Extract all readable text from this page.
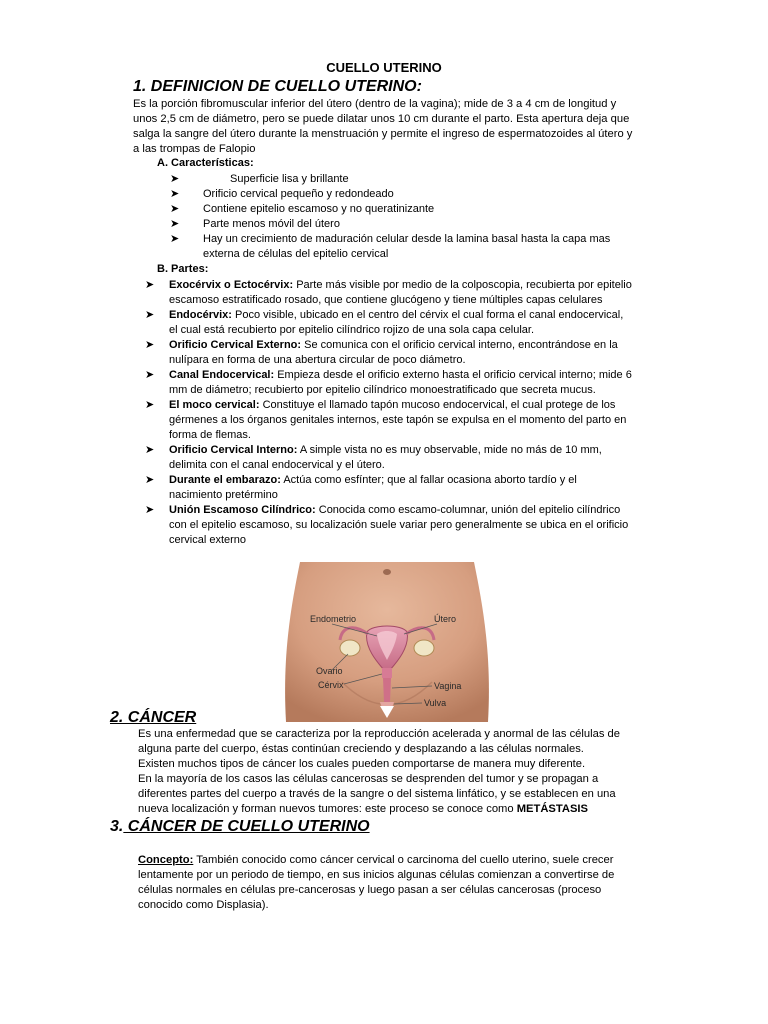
CUELLO UTERINO
1. DEFINICION DE CUELLO UTERINO:
Es la porción fibromuscular inferior del útero (dentro de la vagina); mide de 3 a 4 cm de longitud y
unos 2,5 cm de diámetro, pero se puede dilatar unos 10 cm durante el parto. Esta apertura deja que
salga la sangre del útero durante la menstruación y permite el ingreso de espermatozoides al útero y
a las trompas de Falopio
A. Características:
➤	Superficie lisa y brillante
➤ Orificio cervical pequeño y redondeado
➤ Contiene epitelio escamoso y no queratinizante
➤ Parte menos móvil del útero
➤ Hay un crecimiento de maduración celular desde la lamina basal hasta la capa mas
externa de células del epitelio cervical
B. Partes:
➤ Exocérvix o Ectocérvix: Parte más visible por medio de la colposcopia, recubierta por epitelio
escamoso estratificado rosado, que contiene glucógeno y tiene múltiples capas celulares
➤ Endocérvix: Poco visible, ubicado en el centro del cérvix el cual forma el canal endocervical,
el cual está recubierto por epitelio cilíndrico rojizo de una sola capa celular.
➤ Orificio Cervical Externo: Se comunica con el orificio cervical interno, encontrándose en la
nulípara en forma de una abertura circular de poco diámetro.
➤ Canal Endocervical: Empieza desde el orificio externo hasta el orificio cervical interno; mide 6
mm de diámetro; recubierto por epitelio cilíndrico monoestratificado que secreta mucus.
➤ El moco cervical: Constituye el llamado tapón mucoso endocervical, el cual protege de los
gérmenes a los órganos genitales internos, este tapón se expulsa en el momento del parto en
forma de flemas.
➤ Orificio Cervical Interno: A simple vista no es muy observable, mide no más de 10 mm,
delimita con el canal endocervical y el útero.
➤ Durante el embarazo: Actúa como esfínter; que al fallar ocasiona aborto tardío y el
nacimiento pretérmino
➤ Unión Escamoso Cilíndrico: Conocida como escamo-columnar, unión del epitelio cilíndrico
con el epitelio escamoso, su localización suele variar pero generalmente se ubica en el orificio
cervical externo
Endometrio	Útero
Ovario
Cérvix	Vagina
Vulva
2. CÁNCER
Es una enfermedad que se caracteriza por la reproducción acelerada y anormal de las células de
alguna parte del cuerpo, éstas continúan creciendo y desplazando a las células normales.
Existen muchos tipos de cáncer los cuales pueden comportarse de manera muy diferente.
En la mayoría de los casos las células cancerosas se desprenden del tumor y se propagan a
diferentes partes del cuerpo a través de la sangre o del sistema linfático, y se establecen en una
nueva localización y forman nuevos tumores: este proceso se conoce como METÁSTASIS
3. CÁNCER DE CUELLO UTERINO
Concepto: También conocido como cáncer cervical o carcinoma del cuello uterino, suele crecer
lentamente por un periodo de tiempo, en sus inicios algunas células comienzan a convertirse de
células normales en células pre-cancerosas y luego pasan a ser células cancerosas (proceso
conocido como Displasia).
